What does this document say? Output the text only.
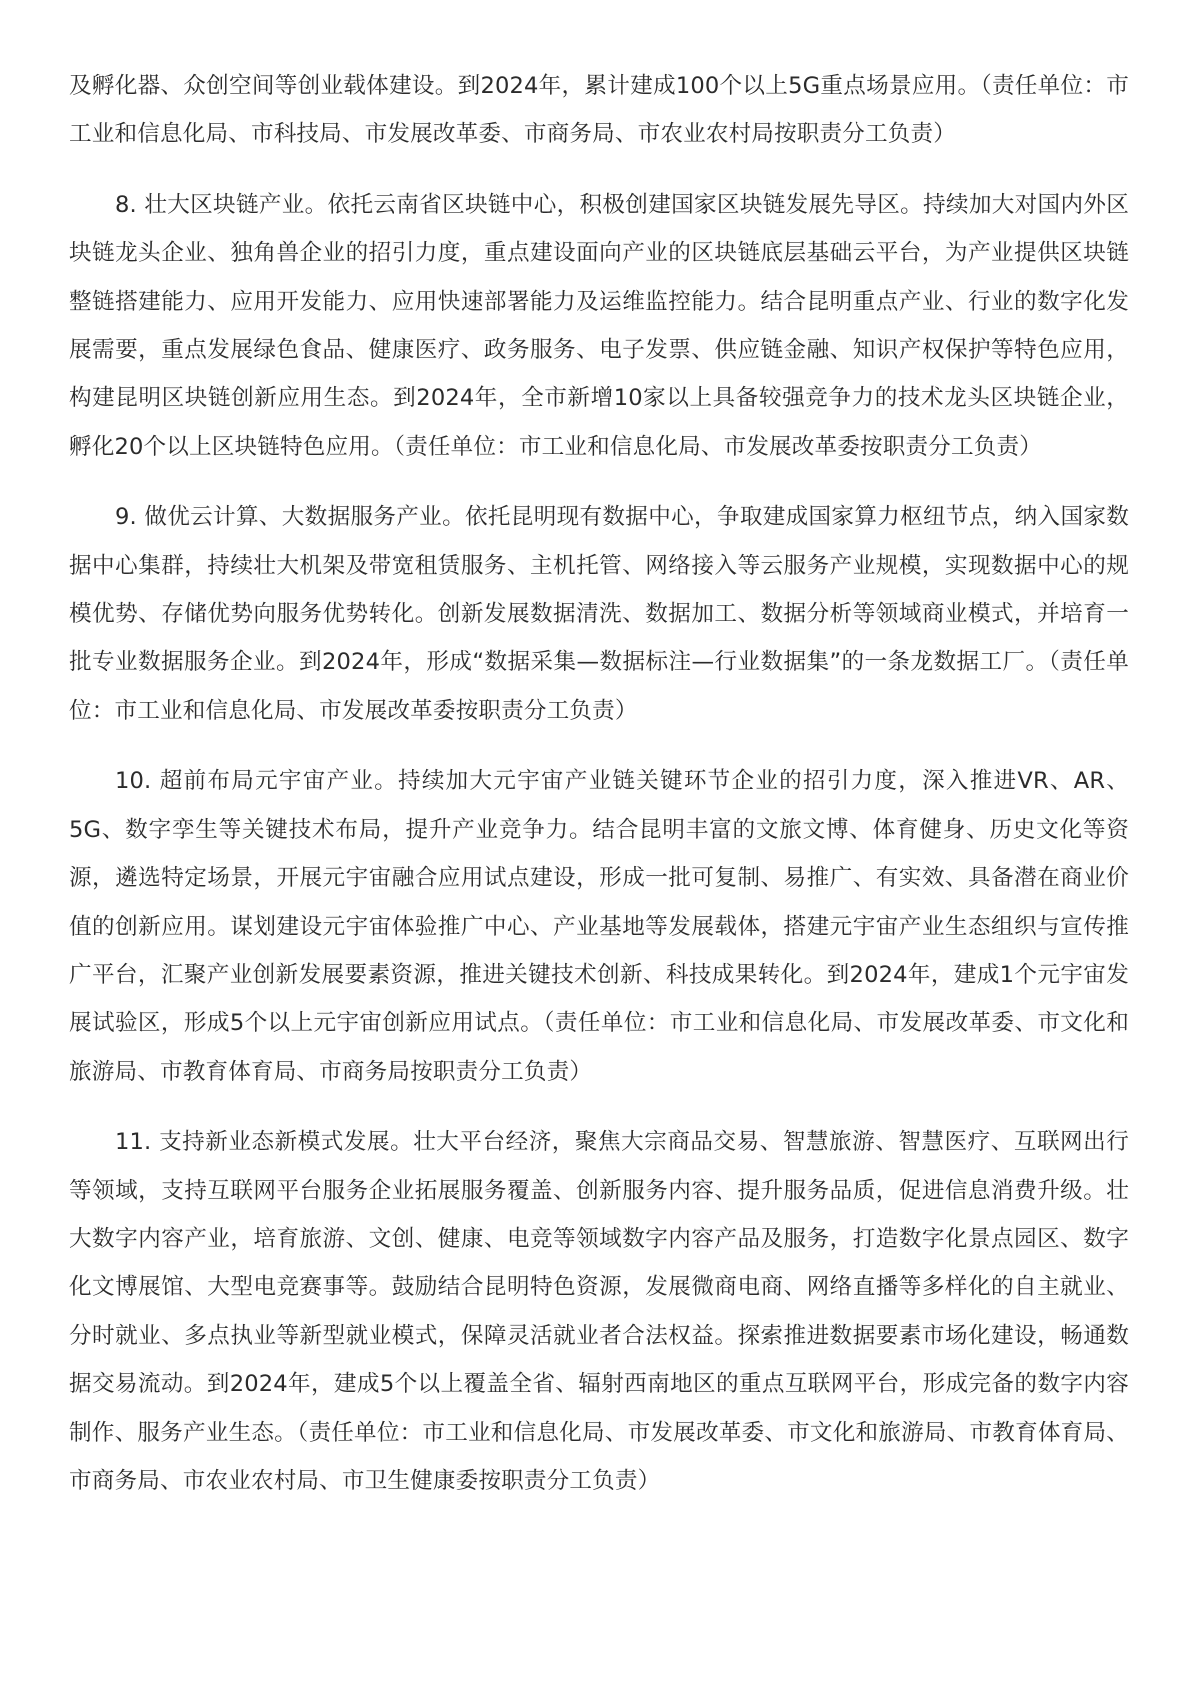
及孵化器、众创空间等创业载体建设。到2024年，累计建成100个以上5G重点场景应用。（责任单位：市工业和信息化局、市科技局、市发展改革委、市商务局、市农业农村局按职责分工负责）

8. 壮大区块链产业。依托云南省区块链中心，积极创建国家区块链发展先导区。持续加大对国内外区块链龙头企业、独角兽企业的招引力度，重点建设面向产业的区块链底层基础云平台，为产业提供区块链整链搭建能力、应用开发能力、应用快速部署能力及运维监控能力。结合昆明重点产业、行业的数字化发展需要，重点发展绿色食品、健康医疗、政务服务、电子发票、供应链金融、知识产权保护等特色应用，构建昆明区块链创新应用生态。到2024年，全市新增10家以上具备较强竞争力的技术龙头区块链企业，孵化20个以上区块链特色应用。（责任单位：市工业和信息化局、市发展改革委按职责分工负责）

9. 做优云计算、大数据服务产业。依托昆明现有数据中心，争取建成国家算力枢纽节点，纳入国家数据中心集群，持续壮大机架及带宽租赁服务、主机托管、网络接入等云服务产业规模，实现数据中心的规模优势、存储优势向服务优势转化。创新发展数据清洗、数据加工、数据分析等领域商业模式，并培育一批专业数据服务企业。到2024年，形成“数据采集—数据标注—行业数据集”的一条龙数据工厂。（责任单位：市工业和信息化局、市发展改革委按职责分工负责）

10. 超前布局元宇宙产业。持续加大元宇宙产业链关键环节企业的招引力度，深入推进VR、AR、5G、数字孪生等关键技术布局，提升产业竞争力。结合昆明丰富的文旅文博、体育健身、历史文化等资源，遴选特定场景，开展元宇宙融合应用试点建设，形成一批可复制、易推广、有实效、具备潜在商业价值的创新应用。谋划建设元宇宙体验推广中心、产业基地等发展载体，搭建元宇宙产业生态组织与宣传推广平台，汇聚产业创新发展要素资源，推进关键技术创新、科技成果转化。到2024年，建成1个元宇宙发展试验区，形成5个以上元宇宙创新应用试点。（责任单位：市工业和信息化局、市发展改革委、市文化和旅游局、市教育体育局、市商务局按职责分工负责）

11. 支持新业态新模式发展。壮大平台经济，聚焦大宗商品交易、智慧旅游、智慧医疗、互联网出行等领域，支持互联网平台服务企业拓展服务覆盖、创新服务内容、提升服务品质，促进信息消费升级。壮大数字内容产业，培育旅游、文创、健康、电竞等领域数字内容产品及服务，打造数字化景点园区、数字化文博展馆、大型电竞赛事等。鼓励结合昆明特色资源，发展微商电商、网络直播等多样化的自主就业、分时就业、多点执业等新型就业模式，保障灵活就业者合法权益。探索推进数据要素市场化建设，畅通数据交易流动。到2024年，建成5个以上覆盖全省、辐射西南地区的重点互联网平台，形成完备的数字内容制作、服务产业生态。（责任单位：市工业和信息化局、市发展改革委、市文化和旅游局、市教育体育局、市商务局、市农业农村局、市卫生健康委按职责分工负责）
